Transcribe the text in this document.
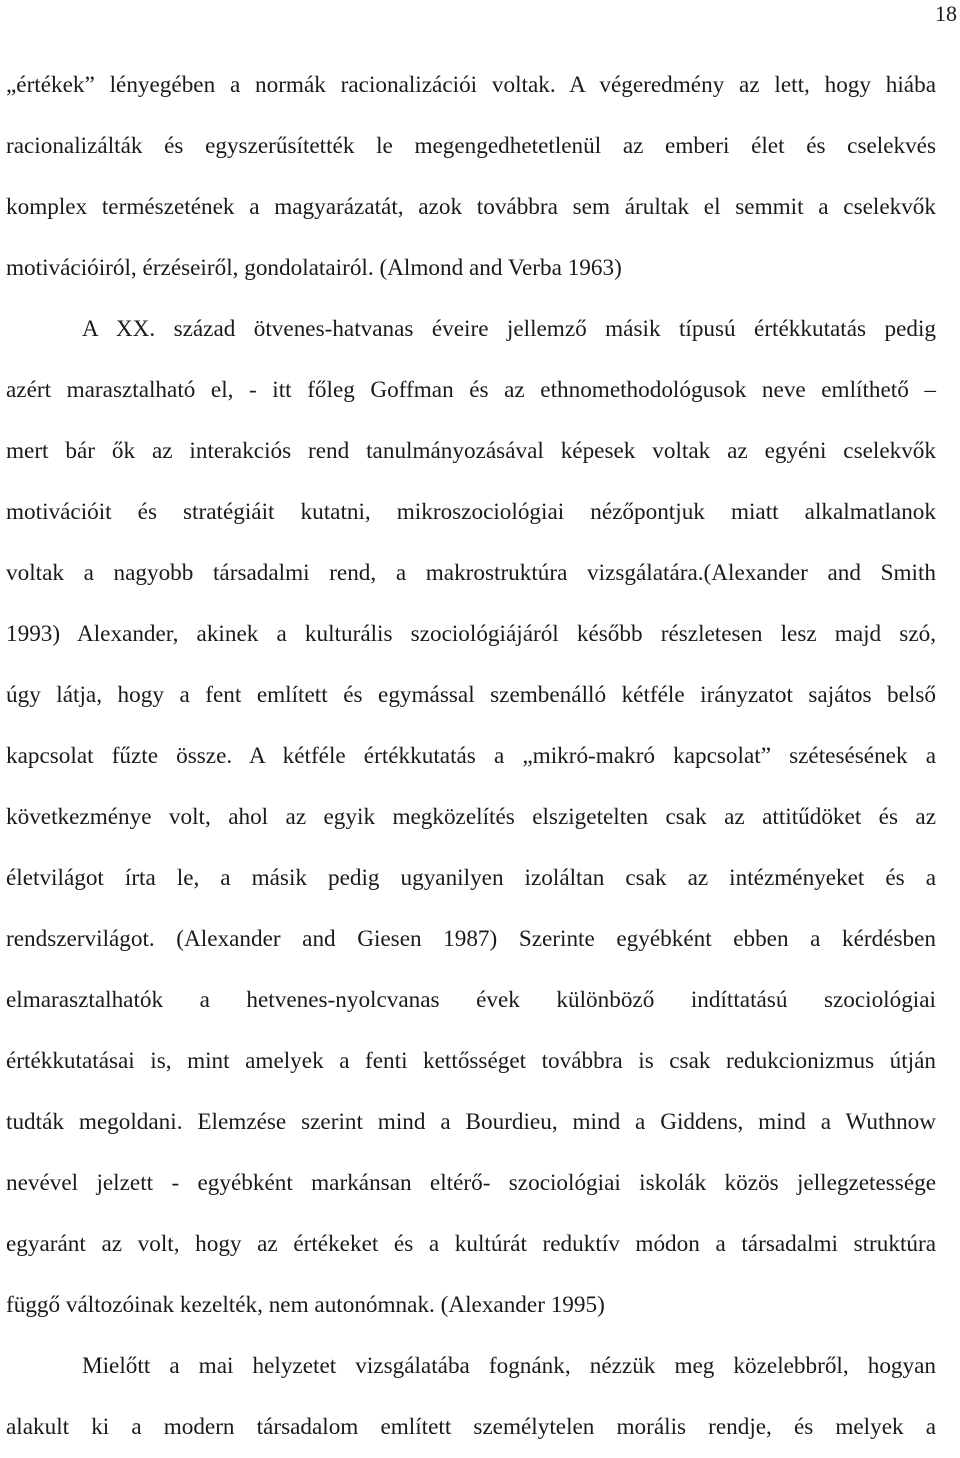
18
„értékek” lényegében a normák racionalizációi voltak. A végeredmény az lett, hogy hiába
racionalizálták és egyszerűsítették le megengedhetetlenül az emberi élet és cselekvés
komplex természetének a magyarázatát, azok továbbra sem árultak el semmit a cselekvők
motivációiról, érzéseiről, gondolatairól. (Almond and Verba 1963)
A XX. század ötvenes-hatvanas éveire jellemző másik típusú értékkutatás pedig
azért marasztalható el, - itt főleg Goffman és az ethnomethodológusok neve említhető –
mert bár ők az interakciós rend tanulmányozásával képesek voltak az egyéni cselekvők
motivációit és stratégiáit kutatni, mikroszociológiai nézőpontjuk miatt alkalmatlanok
voltak a nagyobb társadalmi rend, a makrostruktúra vizsgálatára.(Alexander and Smith
1993) Alexander, akinek a kulturális szociológiájáról később részletesen lesz majd szó,
úgy látja, hogy a fent említett és egymással szembenálló kétféle irányzatot sajátos belső
kapcsolat fűzte össze. A kétféle értékkutatás a „mikró-makró kapcsolat” szétesésének a
következménye volt, ahol az egyik megközelítés elszigetelten csak az attitűdöket és az
életvilágot írta le, a másik pedig ugyanilyen izoláltan csak az intézményeket és a
rendszervilágot. (Alexander and Giesen 1987) Szerinte egyébként ebben a kérdésben
elmarasztalhatók a hetvenes-nyolcvanas évek különböző indíttatású szociológiai
értékkutatásai is, mint amelyek a fenti kettősséget továbbra is csak redukcionizmus útján
tudták megoldani. Elemzése szerint mind a Bourdieu, mind a Giddens, mind a Wuthnow
nevével jelzett - egyébként markánsan eltérő- szociológiai iskolák közös jellegzetessége
egyaránt az volt, hogy az értékeket és a kultúrát reduktív módon a társadalmi struktúra
függő változóinak kezelték, nem autonómnak. (Alexander 1995)
Mielőtt a mai helyzetet vizsgálatába fognánk, nézzük meg közelebbről, hogyan
alakult ki a modern társadalom említett személytelen morális rendje, és melyek a
